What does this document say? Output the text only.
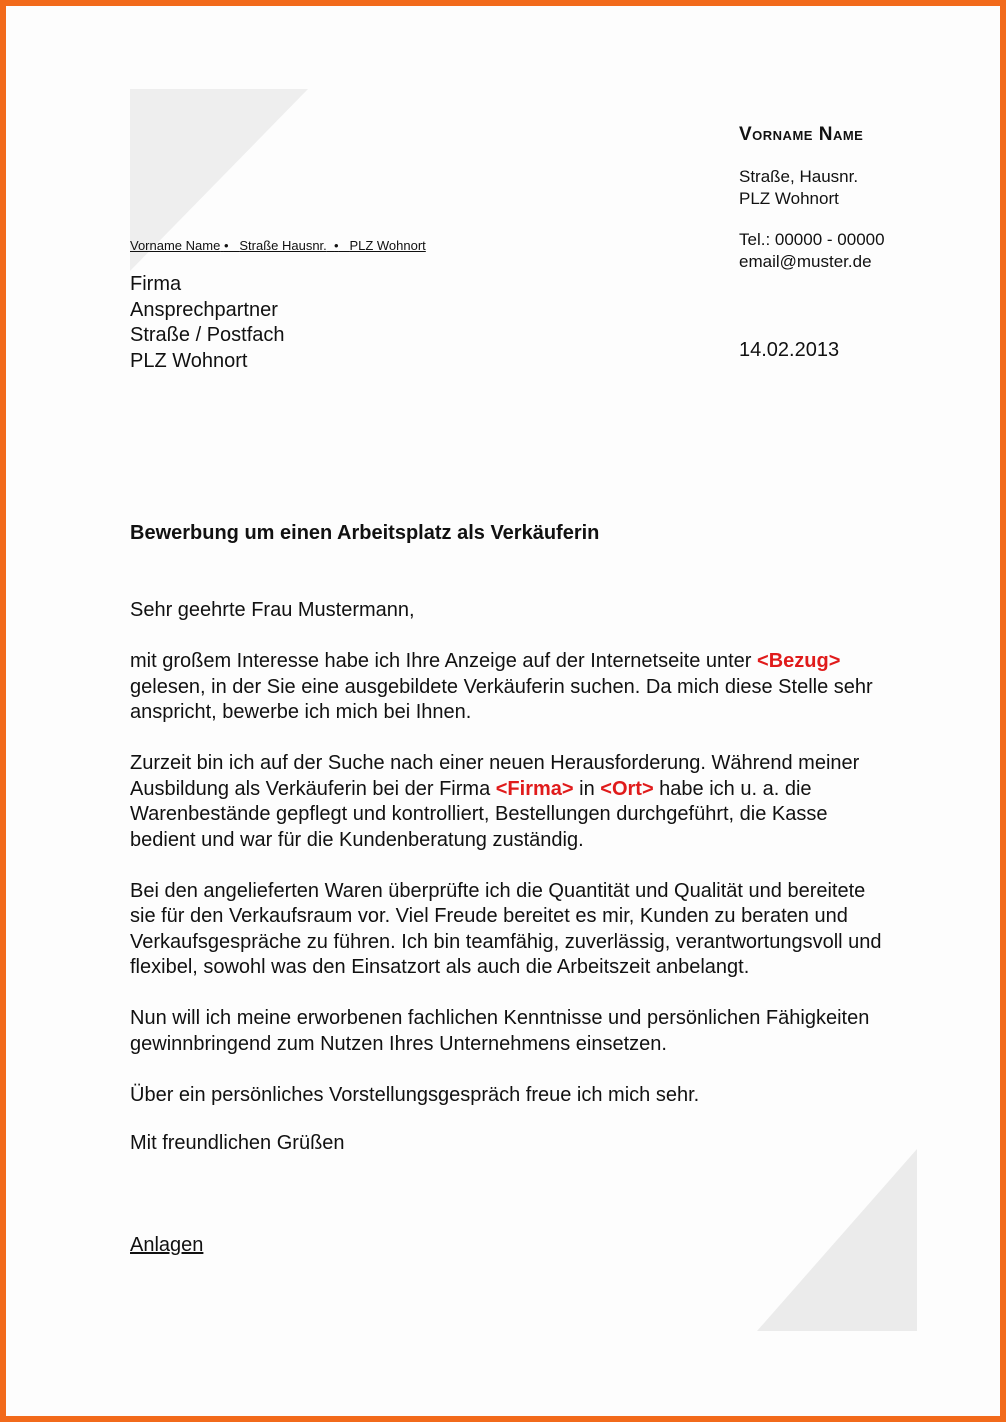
Vorname Name • Straße Hausnr. • PLZ Wohnort
Firma
Ansprechpartner
Straße / Postfach
PLZ Wohnort
Vorname Name
Straße, Hausnr.
PLZ Wohnort
Tel.: 00000 - 00000
email@muster.de
14.02.2013
Bewerbung um einen Arbeitsplatz als Verkäuferin
Sehr geehrte Frau Mustermann,

mit großem Interesse habe ich Ihre Anzeige auf der Internetseite unter <Bezug>
gelesen, in der Sie eine ausgebildete Verkäuferin suchen. Da mich diese Stelle sehr
anspricht, bewerbe ich mich bei Ihnen.

Zurzeit bin ich auf der Suche nach einer neuen Herausforderung. Während meiner
Ausbildung als Verkäuferin bei der Firma <Firma> in <Ort> habe ich u. a. die
Warenbestände gepflegt und kontrolliert, Bestellungen durchgeführt, die Kasse
bedient und war für die Kundenberatung zuständig.

Bei den angelieferten Waren überprüfte ich die Quantität und Qualität und bereitete
sie für den Verkaufsraum vor. Viel Freude bereitet es mir, Kunden zu beraten und
Verkaufsgespräche zu führen. Ich bin teamfähig, zuverlässig, verantwortungsvoll und
flexibel, sowohl was den Einsatzort als auch die Arbeitszeit anbelangt.

Nun will ich meine erworbenen fachlichen Kenntnisse und persönlichen Fähigkeiten
gewinnbringend zum Nutzen Ihres Unternehmens einsetzen.

Über ein persönliches Vorstellungsgespräch freue ich mich sehr.

Mit freundlichen Grüßen
Anlagen
